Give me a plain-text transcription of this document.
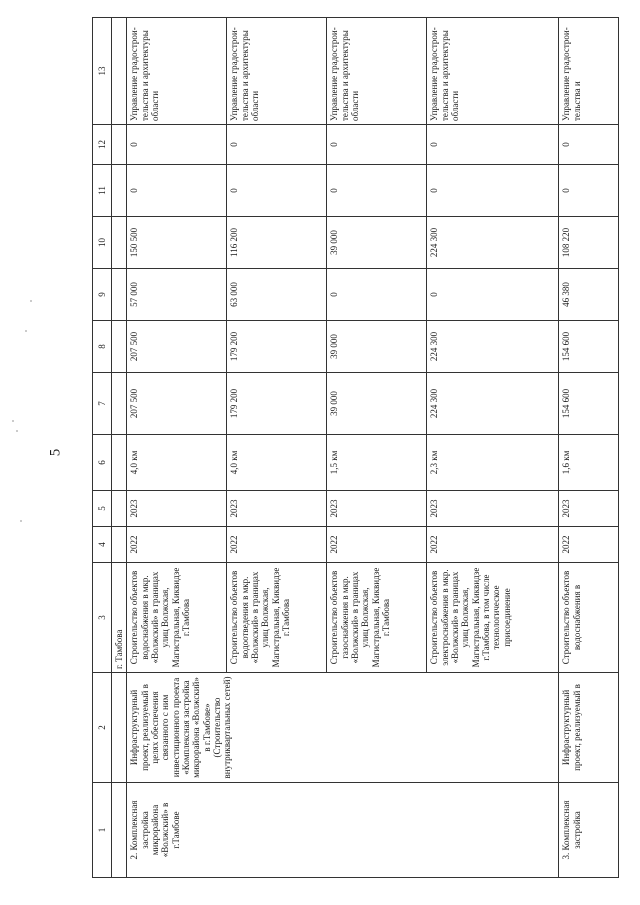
5
1	2	3	4	5	6	7	8	9	10	11	12	13
		г. Тамбова										
2. Комплексная застройка микрорайона «Волжский» в г.Тамбове	Инфраструктурный проект, реализуемый в целях обеспечения связанного с ним инвестиционного проекта «Комплексная застройка микрорайона «Волжский» в г.Тамбове» (Строительство внутриквартальных сетей)	Строительство объектов водоснабжения в мкр. «Волжский» в границах улиц Волжская, Магистральная, Киквидзе г.Тамбова	2022	2023	4,0 км	207 500	207 500	57 000	150 500	0	0	Управление градострои-тельства и архитектуры области
		Строительство объектов водоотведения в мкр. «Волжский» в границах улиц Волжская, Магистральная, Киквидзе г.Тамбова	2022	2023	4,0 км	179 200	179 200	63 000	116 200	0	0	Управление градострои-тельства и архитектуры области
		Строительство объектов газоснабжения в мкр. «Волжский» в границах улиц Волжская, Магистральная, Киквидзе г.Тамбова	2022	2023	1,5 км	39 000	39 000	0	39 000	0	0	Управление градострои-тельства и архитектуры области
		Строительство объектов электроснабжения в мкр. «Волжский» в границах улиц Волжская, Магистральная, Киквидзе г.Тамбова, в том числе технологическое присоединение	2022	2023	2,3 км	224 300	224 300	0	224 300	0	0	Управление градострои-тельства и архитектуры области
3. Комплексная застройка	Инфраструктурный проект, реализуемый в	Строительство объектов водоснабжения в	2022	2023	1,6 км	154 600	154 600	46 380	108 220	0	0	Управление градострои-тельства и
